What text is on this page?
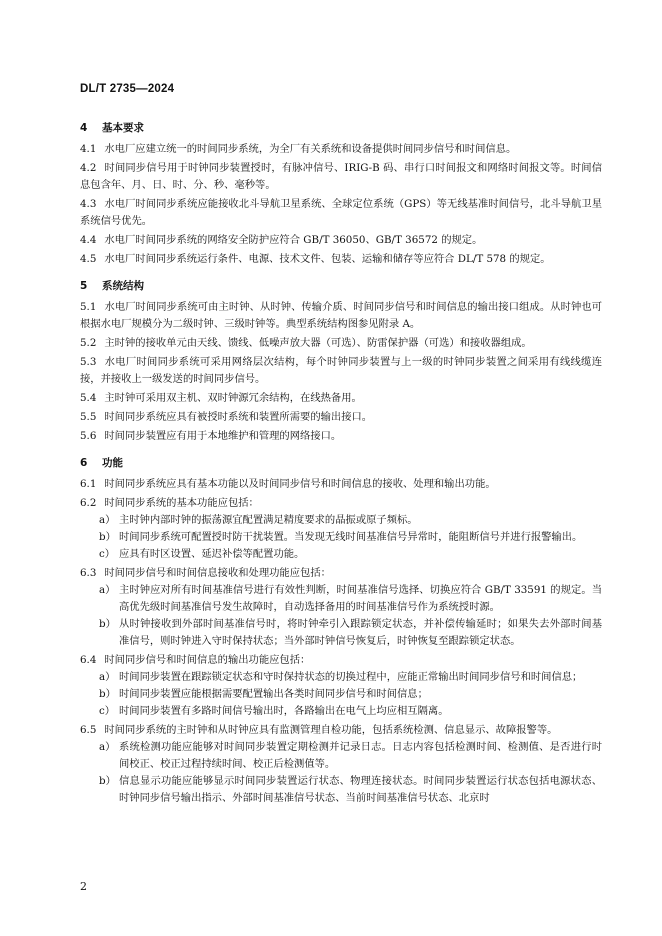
DL/T 2735—2024
4 基本要求
4.1 水电厂应建立统一的时间同步系统，为全厂有关系统和设备提供时间同步信号和时间信息。
4.2 时间同步信号用于时钟同步装置授时，有脉冲信号、IRIG-B 码、串行口时间报文和网络时间报文等。时间信息包含年、月、日、时、分、秒、毫秒等。
4.3 水电厂时间同步系统应能接收北斗导航卫星系统、全球定位系统（GPS）等无线基准时间信号，北斗导航卫星系统信号优先。
4.4 水电厂时间同步系统的网络安全防护应符合 GB/T 36050、GB/T 36572 的规定。
4.5 水电厂时间同步系统运行条件、电源、技术文件、包装、运输和储存等应符合 DL/T 578 的规定。
5 系统结构
5.1 水电厂时间同步系统可由主时钟、从时钟、传输介质、时间同步信号和时间信息的输出接口组成。从时钟也可根据水电厂规模分为二级时钟、三级时钟等。典型系统结构图参见附录 A。
5.2 主时钟的接收单元由天线、馈线、低噪声放大器（可选）、防雷保护器（可选）和接收器组成。
5.3 水电厂时间同步系统可采用网络层次结构，每个时钟同步装置与上一级的时钟同步装置之间采用有线线缆连接，并接收上一级发送的时间同步信号。
5.4 主时钟可采用双主机、双时钟源冗余结构，在线热备用。
5.5 时间同步系统应具有被授时系统和装置所需要的输出接口。
5.6 时间同步装置应有用于本地维护和管理的网络接口。
6 功能
6.1 时间同步系统应具有基本功能以及时间同步信号和时间信息的接收、处理和输出功能。
6.2 时间同步系统的基本功能应包括：
a） 主时钟内部时钟的振荡源宜配置满足精度要求的晶振或原子频标。
b） 时间同步系统可配置授时防干扰装置。当发现无线时间基准信号异常时，能阻断信号并进行报警输出。
c） 应具有时区设置、延迟补偿等配置功能。
6.3 时间同步信号和时间信息接收和处理功能应包括：
a） 主时钟应对所有时间基准信号进行有效性判断，时间基准信号选择、切换应符合 GB/T 33591 的规定。当高优先级时间基准信号发生故障时，自动选择备用的时间基准信号作为系统授时源。
b） 从时钟接收到外部时间基准信号时，将时钟牵引入跟踪锁定状态，并补偿传输延时；如果失去外部时间基准信号，则时钟进入守时保持状态；当外部时钟信号恢复后，时钟恢复至跟踪锁定状态。
6.4 时间同步信号和时间信息的输出功能应包括：
a） 时间同步装置在跟踪锁定状态和守时保持状态的切换过程中，应能正常输出时间同步信号和时间信息；
b） 时间同步装置应能根据需要配置输出各类时间同步信号和时间信息；
c） 时间同步装置有多路时间信号输出时，各路输出在电气上均应相互隔离。
6.5 时间同步系统的主时钟和从时钟应具有监测管理自检功能，包括系统检测、信息显示、故障报警等。
a） 系统检测功能应能够对时间同步装置定期检测并记录日志。日志内容包括检测时间、检测值、是否进行时间校正、校正过程持续时间、校正后检测值等。
b） 信息显示功能应能够显示时间同步装置运行状态、物理连接状态。时间同步装置运行状态包括电源状态、时钟同步信号输出指示、外部时间基准信号状态、当前时间基准信号状态、北京时
2
